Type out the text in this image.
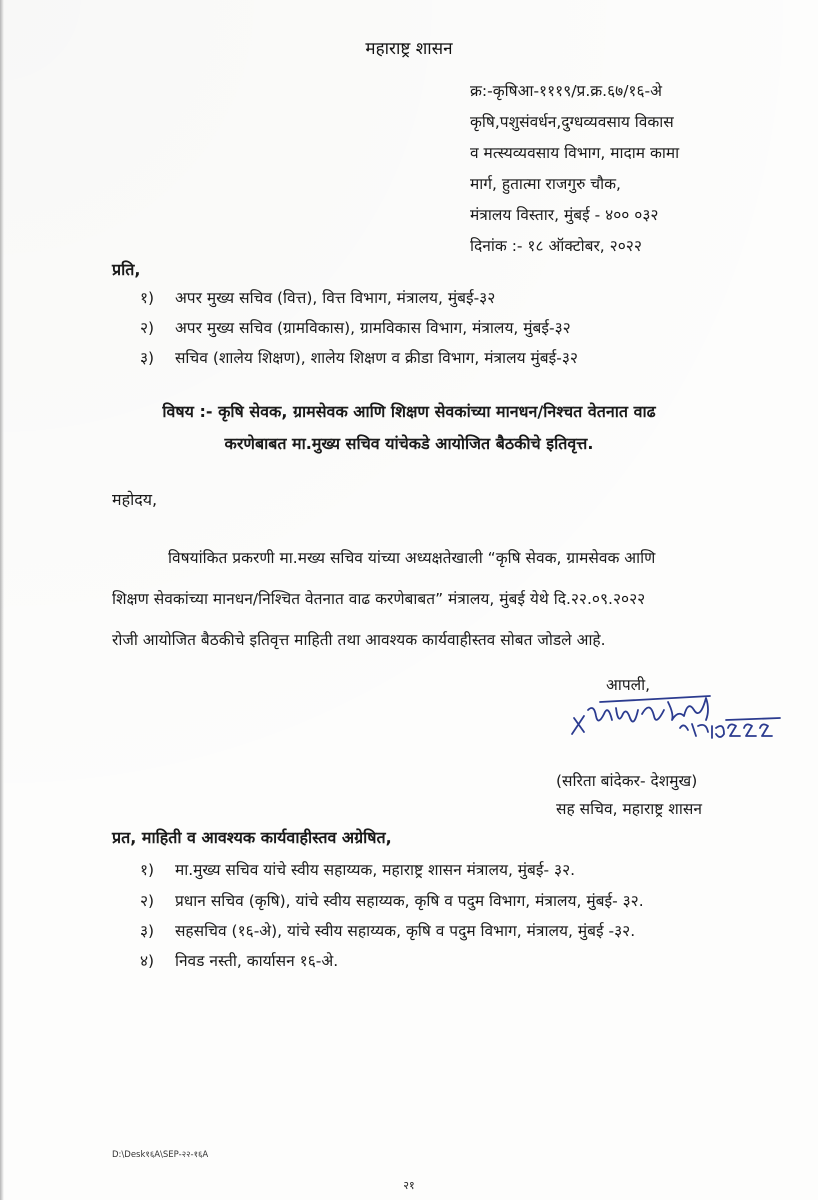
महाराष्ट्र शासन
क्र:-कृषिआ-१११९/प्र.क्र.६७/१६-अे
कृषि,पशुसंवर्धन,दुग्धव्यवसाय विकास
व मत्स्यव्यवसाय विभाग, मादाम कामा
मार्ग, हुतात्मा राजगुरु चौक,
मंत्रालय विस्तार, मुंबई - ४०० ०३२
दिनांक :- १८ ऑक्टोबर, २०२२
प्रति,
१) अपर मुख्य सचिव (वित्त), वित्त विभाग, मंत्रालय, मुंबई-३२
२) अपर मुख्य सचिव (ग्रामविकास), ग्रामविकास विभाग, मंत्रालय, मुंबई-३२
३) सचिव (शालेय शिक्षण), शालेय शिक्षण व क्रीडा विभाग, मंत्रालय मुंबई-३२
विषय :- कृषि सेवक, ग्रामसेवक आणि शिक्षण सेवकांच्या मानधन/निश्चत वेतनात वाढ
करणेबाबत मा.मुख्य सचिव यांचेकडे आयोजित बैठकीचे इतिवृत्त.
महोदय,
विषयांकित प्रकरणी मा.मख्य सचिव यांच्या अध्यक्षतेखाली “कृषि सेवक, ग्रामसेवक आणि
शिक्षण सेवकांच्या मानधन/निश्चित वेतनात वाढ करणेबाबत” मंत्रालय, मुंबई येथे दि.२२.०९.२०२२
रोजी आयोजित बैठकीचे इतिवृत्त माहिती तथा आवश्यक कार्यवाहीस्तव सोबत जोडले आहे.
आपली,
(सरिता बांदेकर- देशमुख)
सह सचिव, महाराष्ट्र शासन
प्रत, माहिती व आवश्यक कार्यवाहीस्तव अग्रेषित,
१) मा.मुख्य सचिव यांचे स्वीय सहाय्यक, महाराष्ट्र शासन मंत्रालय, मुंबई- ३२.
२) प्रधान सचिव (कृषि), यांचे स्वीय सहाय्यक, कृषि व पदुम विभाग, मंत्रालय, मुंबई- ३२.
३) सहसचिव (१६-अे), यांचे स्वीय सहाय्यक, कृषि व पदुम विभाग, मंत्रालय, मुंबई -३२.
४) निवड नस्ती, कार्यासन १६-अे.
D:\Desk१६A\SEP-२२-१६A
२१
